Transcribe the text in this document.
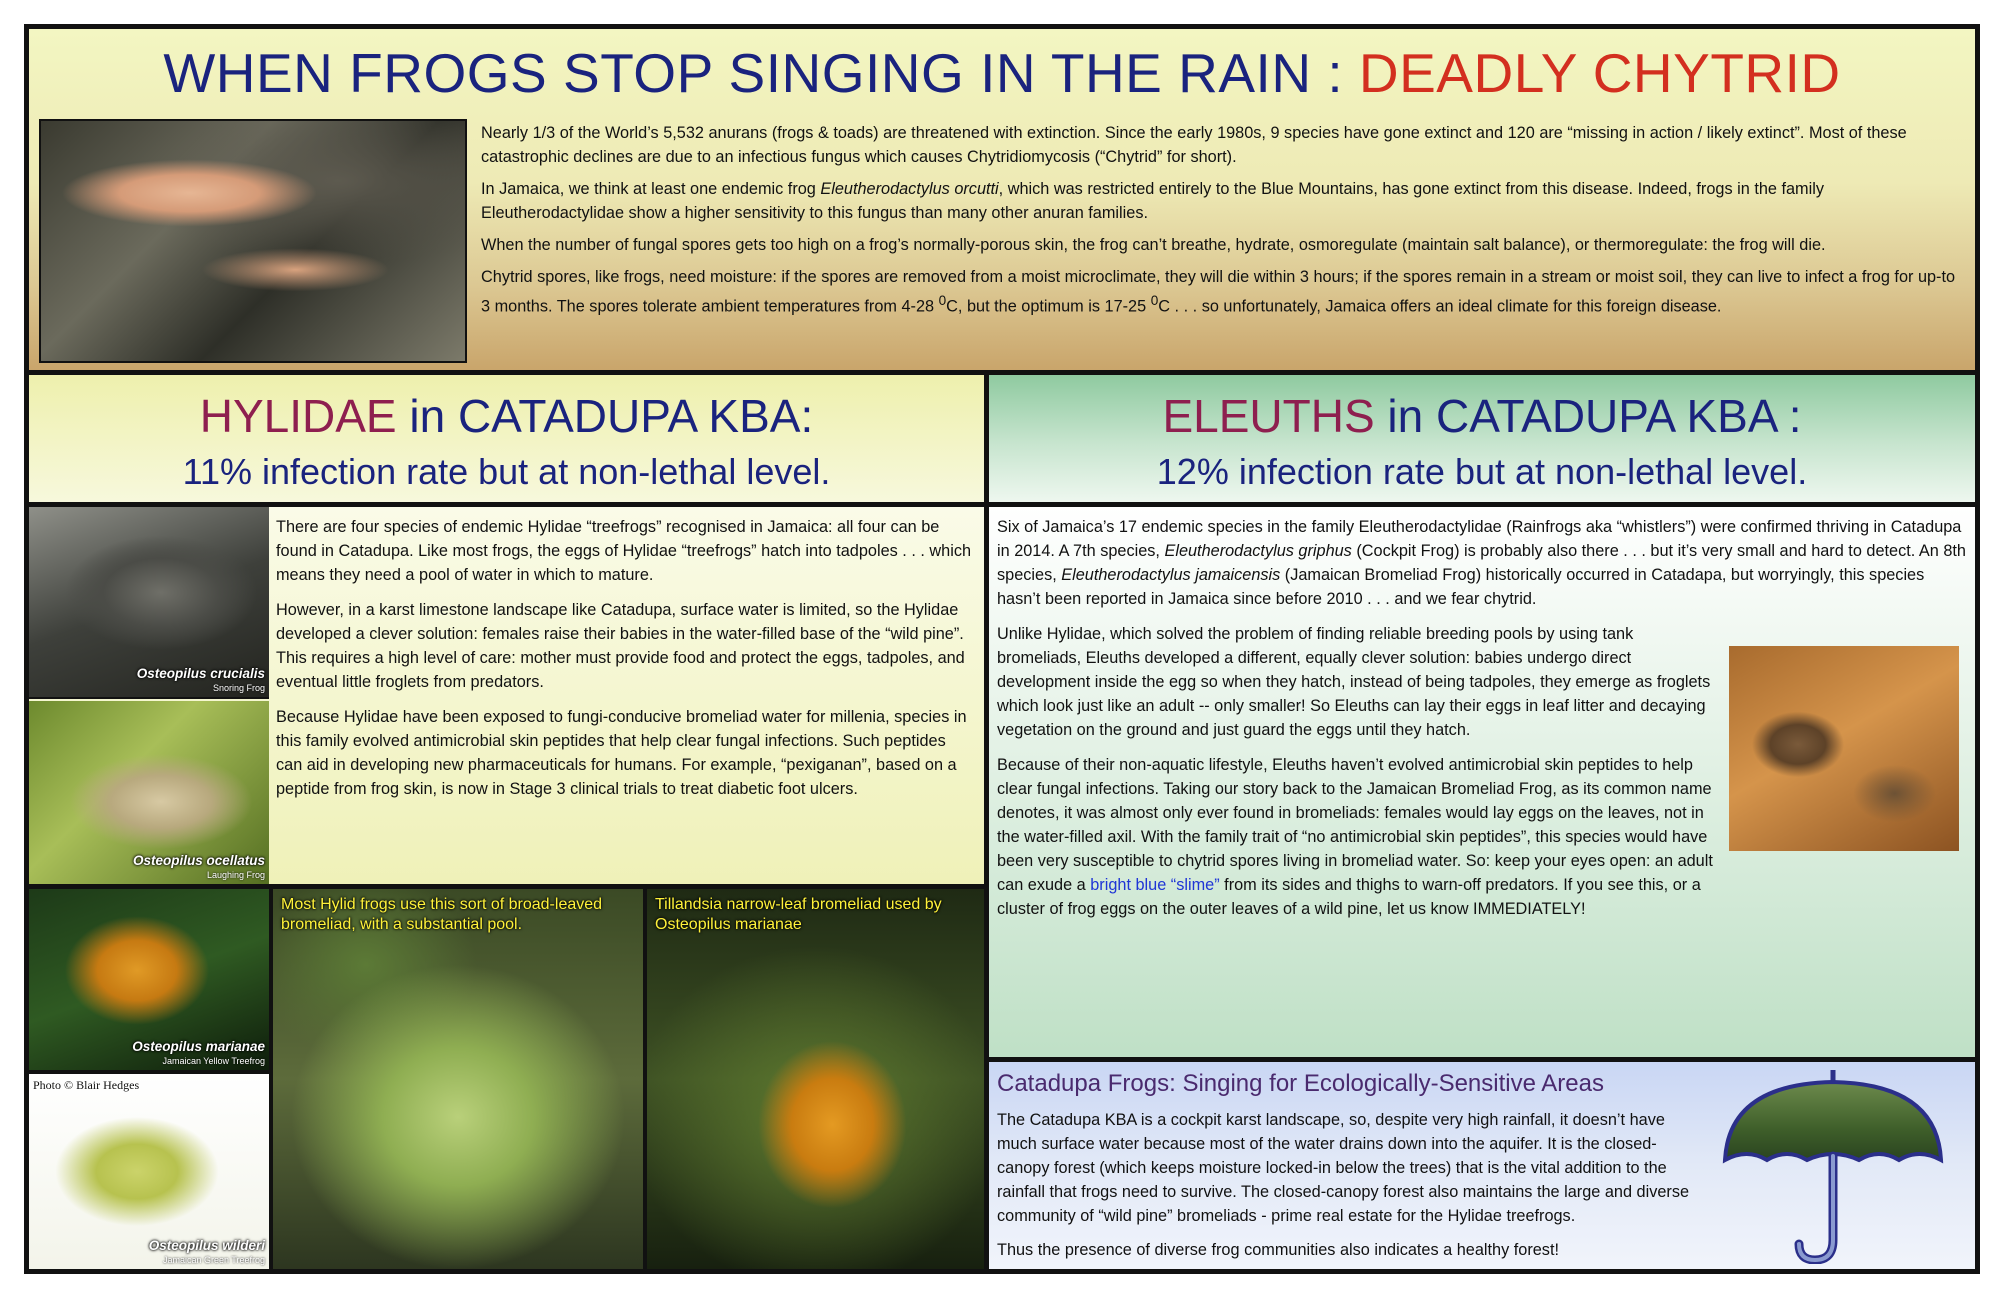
WHEN FROGS STOP SINGING IN THE RAIN : DEADLY CHYTRID

Nearly 1/3 of the World’s 5,532 anurans (frogs & toads) are threatened with extinction. Since the early 1980s, 9 species have gone extinct and 120 are “missing in action / likely extinct”. Most of these catastrophic declines are due to an infectious fungus which causes Chytridiomycosis (“Chytrid” for short).

In Jamaica, we think at least one endemic frog Eleutherodactylus orcutti, which was restricted entirely to the Blue Mountains, has gone extinct from this disease. Indeed, frogs in the family Eleutherodactylidae show a higher sensitivity to this fungus than many other anuran families.

When the number of fungal spores gets too high on a frog’s normally-porous skin, the frog can’t breathe, hydrate, osmoregulate (maintain salt balance), or thermoregulate: the frog will die.

Chytrid spores, like frogs, need moisture: if the spores are removed from a moist microclimate, they will die within 3 hours; if the spores remain in a stream or moist soil, they can live to infect a frog for up-to 3 months. The spores tolerate ambient temperatures from 4-28 $^0$C, but the optimum is 17-25 $^0$C . . . so unfortunately, Jamaica offers an ideal climate for this foreign disease.

HYLIDAE in CATADUPA KBA:
11% infection rate but at non-lethal level.

There are four species of endemic Hylidae “treefrogs” recognised in Jamaica: all four can be found in Catadupa. Like most frogs, the eggs of Hylidae “treefrogs” hatch into tadpoles . . . which means they need a pool of water in which to mature.

However, in a karst limestone landscape like Catadupa, surface water is limited, so the Hylidae developed a clever solution: females raise their babies in the water-filled base of the “wild pine”. This requires a high level of care: mother must provide food and protect the eggs, tadpoles, and eventual little froglets from predators.

Because Hylidae have been exposed to fungi-conducive bromeliad water for millenia, species in this family evolved antimicrobial skin peptides that help clear fungal infections. Such peptides can aid in developing new pharmaceuticals for humans. For example, “pexiganan”, based on a peptide from frog skin, is now in Stage 3 clinical trials to treat diabetic foot ulcers.

Osteopilus crucialis
Snoring Frog
Osteopilus ocellatus
Laughing Frog
Osteopilus marianae
Jamaican Yellow Treefrog
Photo © Blair Hedges
Osteopilus wilderi
Jamaican Green Treefrog
Most Hylid frogs use this sort of broad-leaved bromeliad, with a substantial pool.
Tillandsia narrow-leaf bromeliad used by Osteopilus marianae
ELEUTHS in CATADUPA KBA :
12% infection rate but at non-lethal level.

Six of Jamaica’s 17 endemic species in the family Eleutherodactylidae (Rainfrogs aka “whistlers”) were confirmed thriving in Catadupa in 2014. A 7th species, Eleutherodactylus griphus (Cockpit Frog) is probably also there . . . but it’s very small and hard to detect. An 8th species, Eleutherodactylus jamaicensis (Jamaican Bromeliad Frog) historically occurred in Catadapa, but worryingly, this species hasn’t been reported in Jamaica since before 2010 . . . and we fear chytrid.

Unlike Hylidae, which solved the problem of finding reliable breeding pools by using tank bromeliads, Eleuths developed a different, equally clever solution: babies undergo direct development inside the egg so when they hatch, instead of being tadpoles, they emerge as froglets which look just like an adult -- only smaller! So Eleuths can lay their eggs in leaf litter and decaying vegetation on the ground and just guard the eggs until they hatch.

Because of their non-aquatic lifestyle, Eleuths haven’t evolved antimicrobial skin peptides to help clear fungal infections. Taking our story back to the Jamaican Bromeliad Frog, as its common name denotes, it was almost only ever found in bromeliads: females would lay eggs on the leaves, not in the water-filled axil. With the family trait of “no antimicrobial skin peptides”, this species would have been very susceptible to chytrid spores living in bromeliad water. So: keep your eyes open: an adult can exude a bright blue “slime” from its sides and thighs to warn-off predators. If you see this, or a cluster of frog eggs on the outer leaves of a wild pine, let us know IMMEDIATELY!

Catadupa Frogs: Singing for Ecologically-Sensitive Areas

The Catadupa KBA is a cockpit karst landscape, so, despite very high rainfall, it doesn’t have much surface water because most of the water drains down into the aquifer. It is the closed-canopy forest (which keeps moisture locked-in below the trees) that is the vital addition to the rainfall that frogs need to survive. The closed-canopy forest also maintains the large and diverse community of “wild pine” bromeliads - prime real estate for the Hylidae treefrogs.

Thus the presence of diverse frog communities also indicates a healthy forest!
